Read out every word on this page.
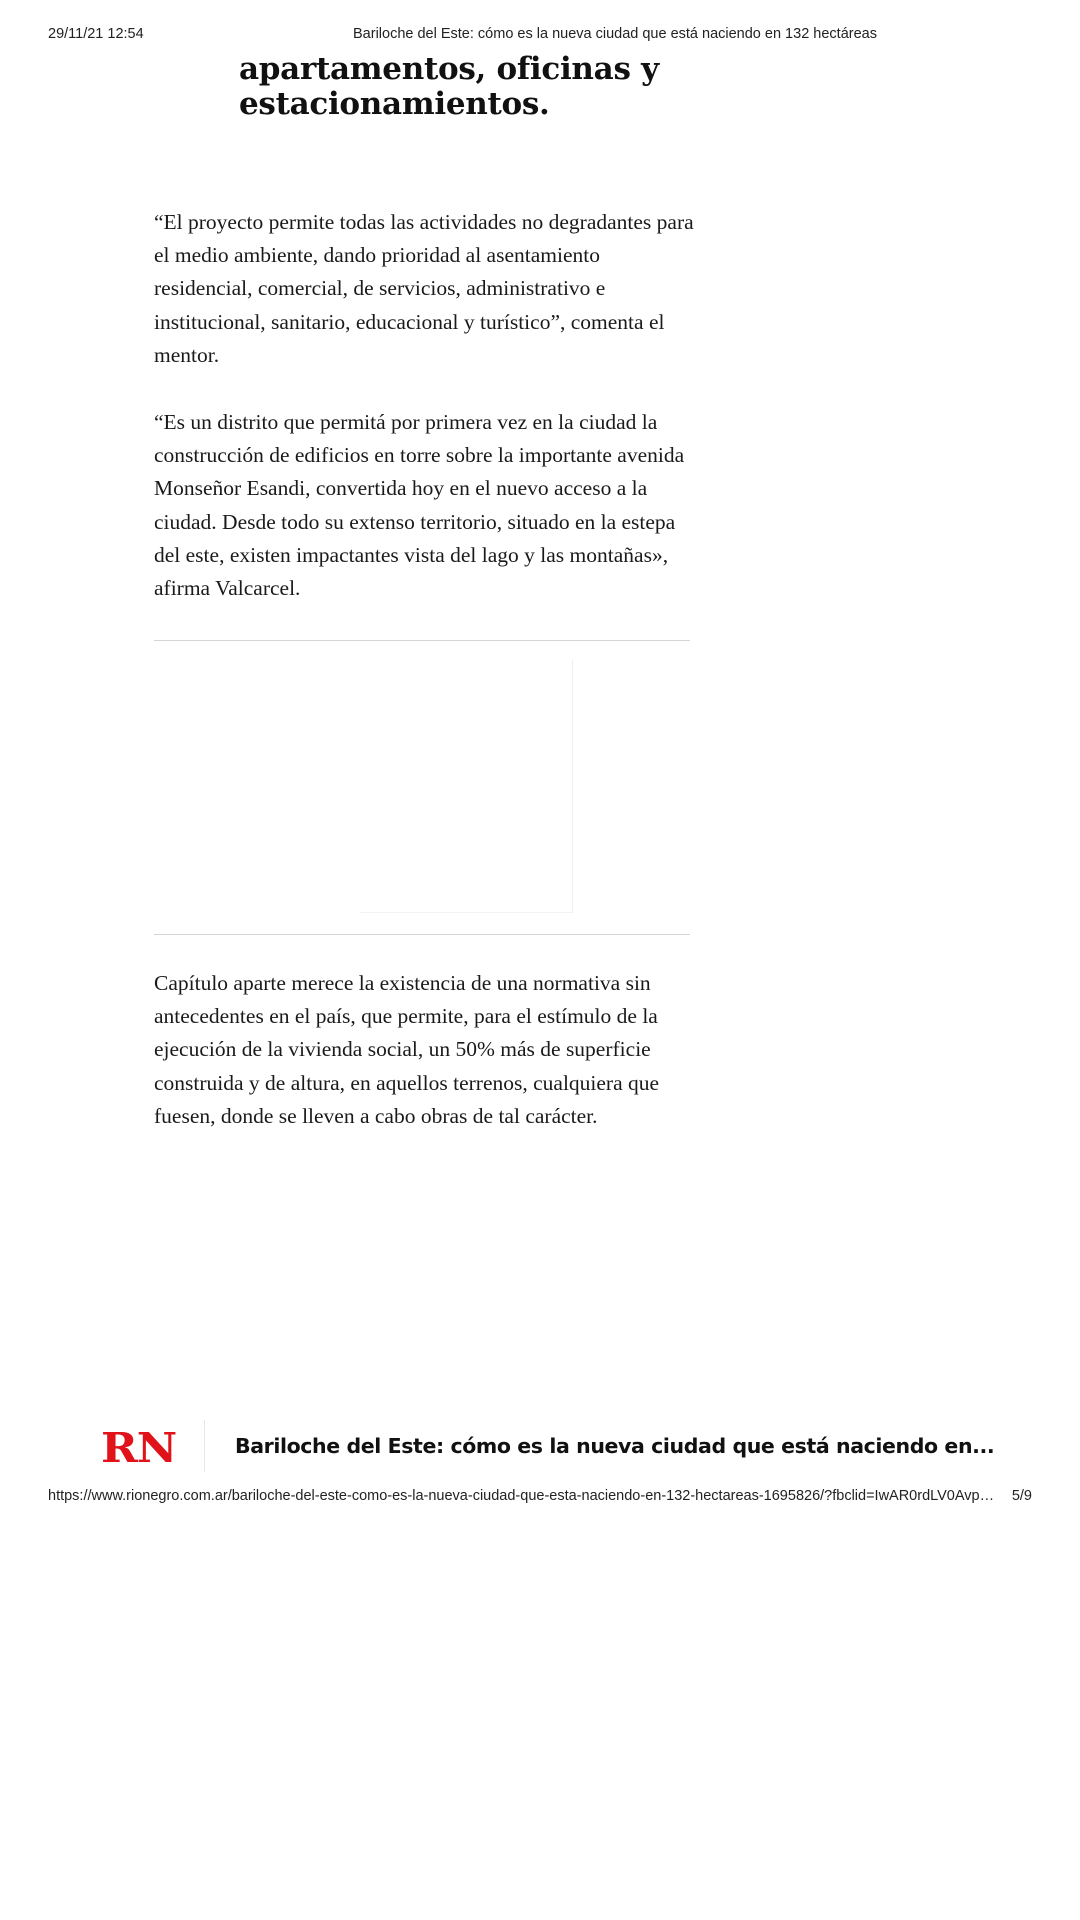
29/11/21 12:54	Bariloche del Este: cómo es la nueva ciudad que está naciendo en 132 hectáreas
apartamentos, oficinas y
estacionamientos.

“El proyecto permite todas las actividades no degradantes para el medio ambiente, dando prioridad al asentamiento residencial, comercial, de servicios, administrativo e institucional, sanitario, educacional y turístico”, comenta el mentor.

“Es un distrito que permitá por primera vez en la ciudad la construcción de edificios en torre sobre la importante avenida Monseñor Esandi, convertida hoy en el nuevo acceso a la ciudad. Desde todo su extenso territorio, situado en la estepa del este, existen impactantes vista del lago y las montañas», afirma Valcarcel.

Capítulo aparte merece la existencia de una normativa sin antecedentes en el país, que permite, para el estímulo de la ejecución de la vivienda social, un 50% más de superficie construida y de altura, en aquellos terrenos, cualquiera que fuesen, donde se lleven a cabo obras de tal carácter.

RN	Bariloche del Este: cómo es la nueva ciudad que está naciendo en...
https://www.rionegro.com.ar/bariloche-del-este-como-es-la-nueva-ciudad-que-esta-naciendo-en-132-hectareas-1695826/?fbclid=IwAR0rdLV0Avp… 5/9
